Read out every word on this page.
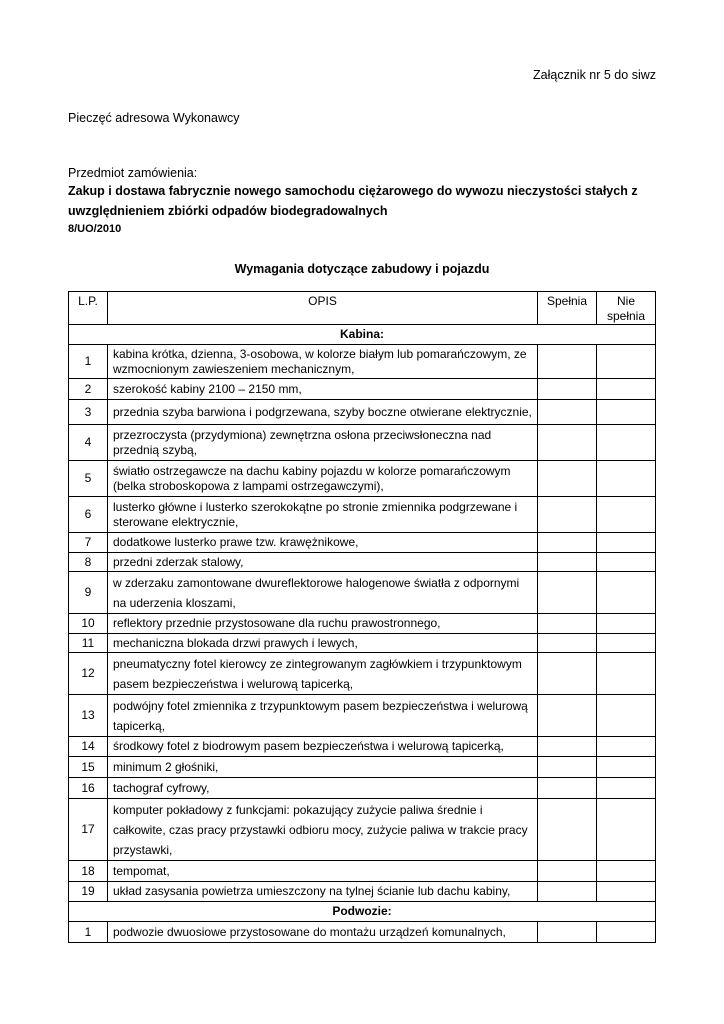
Załącznik nr 5 do siwz
Pieczęć adresowa Wykonawcy
Przedmiot zamówienia:
Zakup i dostawa fabrycznie nowego samochodu ciężarowego do wywozu nieczystości stałych z uwzględnieniem zbiórki odpadów biodegradowalnych
8/UO/2010
Wymagania dotyczące zabudowy i pojazdu
L.P.	OPIS	Spełnia	Nie spełnia
Kabina:			
1	kabina krótka, dzienna, 3-osobowa, w kolorze białym lub pomarańczowym, ze wzmocnionym zawieszeniem mechanicznym,		
2	szerokość kabiny 2100 – 2150 mm,		
3	przednia szyba barwiona i podgrzewana, szyby boczne otwierane elektrycznie,		
4	przezroczysta (przydymiona) zewnętrzna osłona przeciwsłoneczna nad przednią szybą,		
5	światło ostrzegawcze na dachu kabiny pojazdu w kolorze pomarańczowym (belka stroboskopowa z lampami ostrzegawczymi),		
6	lusterko główne i lusterko szerokokątne po stronie zmiennika podgrzewane i sterowane elektrycznie,		
7	dodatkowe lusterko prawe tzw. krawężnikowe,		
8	przedni zderzak stalowy,		
9	w zderzaku zamontowane dwureflektorowe halogenowe światła z odpornymi na uderzenia kloszami,		
10	reflektory przednie przystosowane dla ruchu prawostronnego,		
11	mechaniczna blokada drzwi prawych i lewych,		
12	pneumatyczny fotel kierowcy ze zintegrowanym zagłówkiem i trzypunktowym pasem bezpieczeństwa i welurową tapicerką,		
13	podwójny fotel zmiennika z trzypunktowym pasem bezpieczeństwa i welurową tapicerką,		
14	środkowy fotel z biodrowym pasem bezpieczeństwa i welurową tapicerką,		
15	minimum 2 głośniki,		
16	tachograf cyfrowy,		
17	komputer pokładowy z funkcjami: pokazujący zużycie paliwa średnie i całkowite, czas pracy przystawki odbioru mocy, zużycie paliwa w trakcie pracy przystawki,		
18	tempomat,		
19	układ zasysania powietrza umieszczony na tylnej ścianie lub dachu kabiny,		
Podwozie:			
1	podwozie dwuosiowe przystosowane do montażu urządzeń komunalnych,		
